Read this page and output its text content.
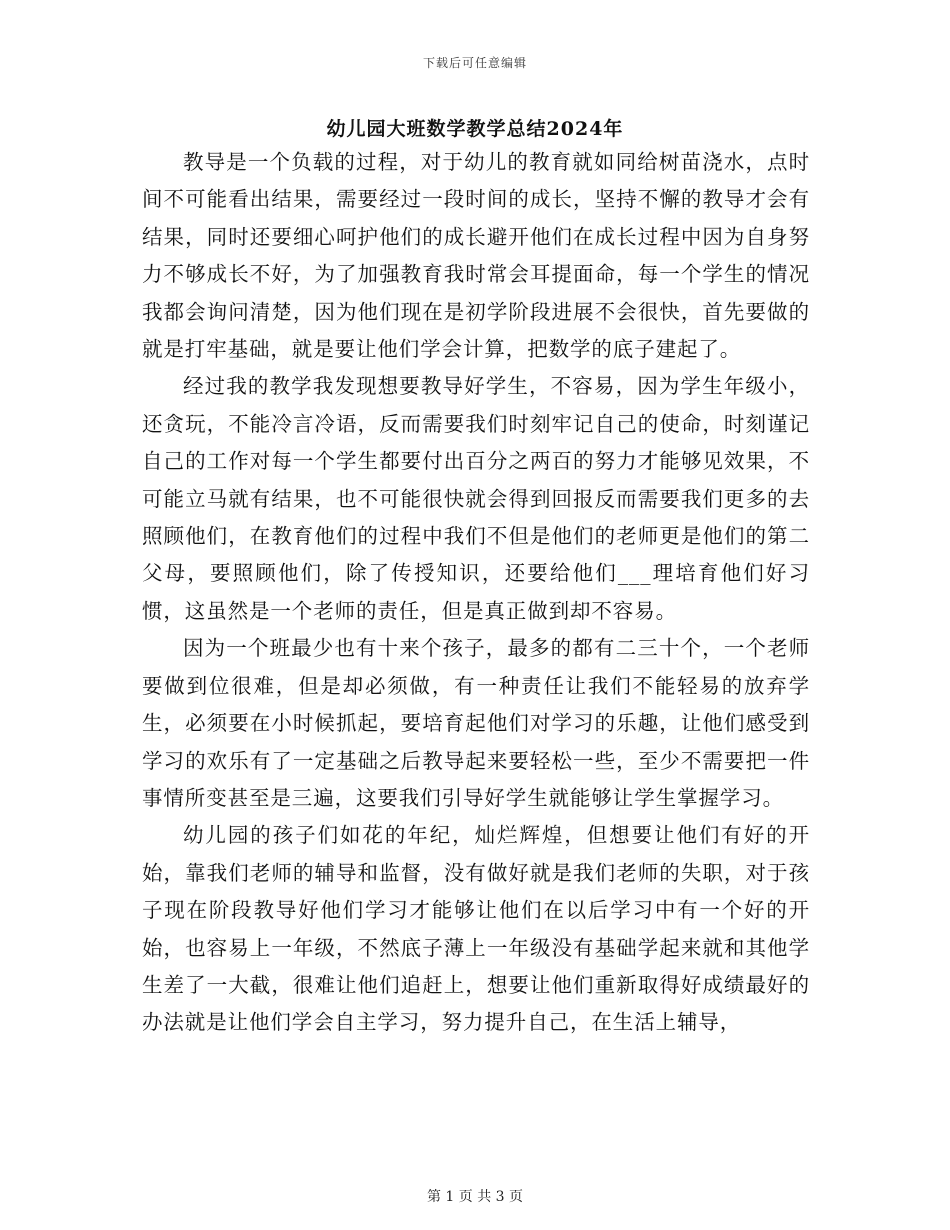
下载后可任意编辑
幼儿园大班数学教学总结2024年

教导是一个负载的过程，对于幼儿的教育就如同给树苗浇水，点时间不可能看出结果，需要经过一段时间的成长，坚持不懈的教导才会有结果，同时还要细心呵护他们的成长避开他们在成长过程中因为自身努力不够成长不好，为了加强教育我时常会耳提面命，每一个学生的情况我都会询问清楚，因为他们现在是初学阶段进展不会很快，首先要做的就是打牢基础，就是要让他们学会计算，把数学的底子建起了。

经过我的教学我发现想要教导好学生，不容易，因为学生年级小，还贪玩，不能冷言冷语，反而需要我们时刻牢记自己的使命，时刻谨记自己的工作对每一个学生都要付出百分之两百的努力才能够见效果，不可能立马就有结果，也不可能很快就会得到回报反而需要我们更多的去照顾他们，在教育他们的过程中我们不但是他们的老师更是他们的第二父母，要照顾他们，除了传授知识，还要给他们___理培育他们好习惯，这虽然是一个老师的责任，但是真正做到却不容易。

因为一个班最少也有十来个孩子，最多的都有二三十个，一个老师要做到位很难，但是却必须做，有一种责任让我们不能轻易的放弃学生，必须要在小时候抓起，要培育起他们对学习的乐趣，让他们感受到学习的欢乐有了一定基础之后教导起来要轻松一些，至少不需要把一件事情所变甚至是三遍，这要我们引导好学生就能够让学生掌握学习。

幼儿园的孩子们如花的年纪，灿烂辉煌，但想要让他们有好的开始，靠我们老师的辅导和监督，没有做好就是我们老师的失职，对于孩子现在阶段教导好他们学习才能够让他们在以后学习中有一个好的开始，也容易上一年级，不然底子薄上一年级没有基础学起来就和其他学生差了一大截，很难让他们追赶上，想要让他们重新取得好成绩最好的办法就是让他们学会自主学习，努力提升自己，在生活上辅导，

第 1 页 共 3 页
